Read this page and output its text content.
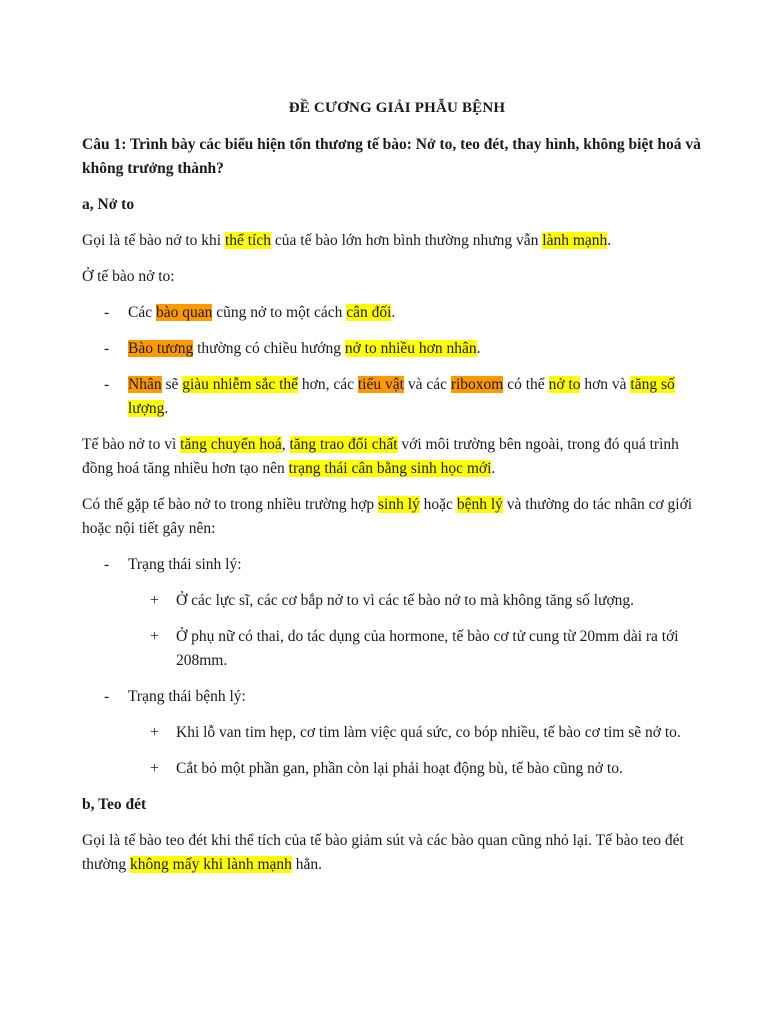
ĐỀ CƯƠNG GIẢI PHẪU BỆNH

Câu 1: Trình bày các biểu hiện tổn thương tế bào: Nở to, teo đét, thay hình, không biệt hoá và không trưởng thành?

a, Nở to

Gọi là tế bào nở to khi thể tích của tế bào lớn hơn bình thường nhưng vẫn lành mạnh.

Ở tế bào nở to:

- Các bào quan cũng nở to một cách cân đối.

- Bào tương thường có chiều hướng nở to nhiều hơn nhân.

- Nhân sẽ giàu nhiễm sắc thể hơn, các tiểu vật và các riboxom có thể nở to hơn và tăng số lượng.

Tế bào nở to vì tăng chuyển hoá, tăng trao đổi chất với môi trường bên ngoài, trong đó quá trình đồng hoá tăng nhiều hơn tạo nên trạng thái cân bằng sinh học mới.

Có thể gặp tế bào nở to trong nhiều trường hợp sinh lý hoặc bệnh lý và thường do tác nhân cơ giới hoặc nội tiết gây nên:

- Trạng thái sinh lý:

+ Ở các lực sĩ, các cơ bắp nở to vì các tế bào nở to mà không tăng số lượng.

+ Ở phụ nữ có thai, do tác dụng của hormone, tế bào cơ tử cung từ 20mm dài ra tới 208mm.

- Trạng thái bệnh lý:

+ Khi lỗ van tim hẹp, cơ tim làm việc quá sức, co bóp nhiều, tế bào cơ tim sẽ nở to.

+ Cắt bỏ một phần gan, phần còn lại phải hoạt động bù, tế bào cũng nở to.

b, Teo đét

Gọi là tế bào teo đét khi thể tích của tế bào giảm sút và các bào quan cũng nhỏ lại. Tế bào teo đét thường không mấy khi lành mạnh hẳn.
